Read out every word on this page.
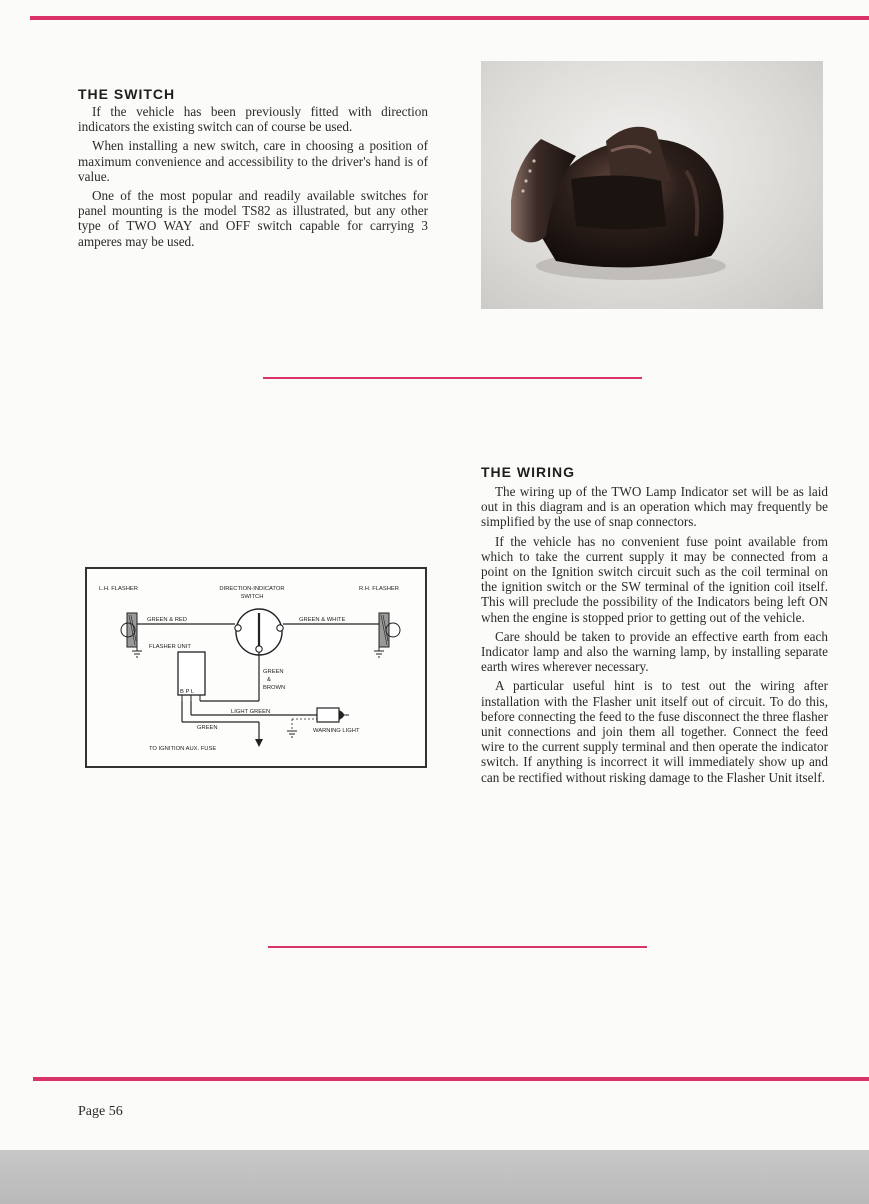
THE SWITCH

If the vehicle has been previously fitted with direction indicators the existing switch can of course be used.

When installing a new switch, care in choosing a position of maximum convenience and accessibility to the driver's hand is of value.

One of the most popular and readily available switches for panel mounting is the model TS82 as illustrated, but any other type of TWO WAY and OFF switch capable for carrying 3 amperes may be used.

THE WIRING

The wiring up of the TWO Lamp Indicator set will be as laid out in this diagram and is an operation which may frequently be simplified by the use of snap connectors.

If the vehicle has no convenient fuse point available from which to take the current supply it may be connected from a point on the Ignition switch circuit such as the coil terminal on the ignition switch or the SW terminal of the ignition coil itself. This will preclude the possibility of the Indicators being left ON when the engine is stopped prior to getting out of the vehicle.

Care should be taken to provide an effective earth from each Indicator lamp and also the warning lamp, by installing separate earth wires wherever necessary.

A particular useful hint is to test out the wiring after installation with the Flasher unit itself out of circuit. To do this, before connecting the feed to the fuse disconnect the three flasher unit connections and join them all together. Connect the feed wire to the current supply terminal and then operate the indicator switch. If anything is incorrect it will immediately show up and can be rectified without risking damage to the Flasher Unit itself.

L.H. FLASHER	DIRECTION-INDICATOR
SWITCH
R.H. FLASHER
GREEN & RED
FLASHER UNIT
GREEN & WHITE
B P L
GREEN
&
BROWN
LIGHT GREEN
WARNING LIGHT
GREEN
TO IGNITION AUX. FUSE

Page 56
